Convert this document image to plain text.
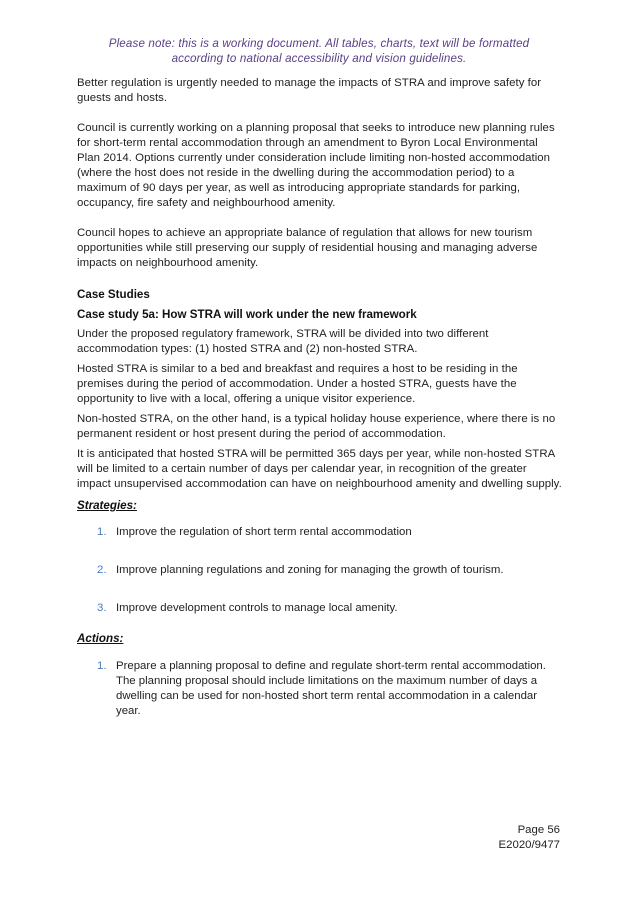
Please note: this is a working document. All tables, charts, text will be formatted
according to national accessibility and vision guidelines.
Better regulation is urgently needed to manage the impacts of STRA and improve safety for guests and hosts.
Council is currently working on a planning proposal that seeks to introduce new planning rules for short-term rental accommodation through an amendment to Byron Local Environmental Plan 2014. Options currently under consideration include limiting non-hosted accommodation (where the host does not reside in the dwelling during the accommodation period) to a maximum of 90 days per year, as well as introducing appropriate standards for parking, occupancy, fire safety and neighbourhood amenity.
Council hopes to achieve an appropriate balance of regulation that allows for new tourism opportunities while still preserving our supply of residential housing and managing adverse impacts on neighbourhood amenity.
Case Studies
Case study 5a: How STRA will work under the new framework
Under the proposed regulatory framework, STRA will be divided into two different accommodation types: (1) hosted STRA and (2) non-hosted STRA.
Hosted STRA is similar to a bed and breakfast and requires a host to be residing in the premises during the period of accommodation. Under a hosted STRA, guests have the opportunity to live with a local, offering a unique visitor experience.
Non-hosted STRA, on the other hand, is a typical holiday house experience, where there is no permanent resident or host present during the period of accommodation.
It is anticipated that hosted STRA will be permitted 365 days per year, while non-hosted STRA will be limited to a certain number of days per calendar year, in recognition of the greater impact unsupervised accommodation can have on neighbourhood amenity and dwelling supply.
Strategies:
1. Improve the regulation of short term rental accommodation
2. Improve planning regulations and zoning for managing the growth of tourism.
3. Improve development controls to manage local amenity.
Actions:
1. Prepare a planning proposal to define and regulate short-term rental accommodation. The planning proposal should include limitations on the maximum number of days a dwelling can be used for non-hosted short term rental accommodation in a calendar year.
Page 56
E2020/9477
